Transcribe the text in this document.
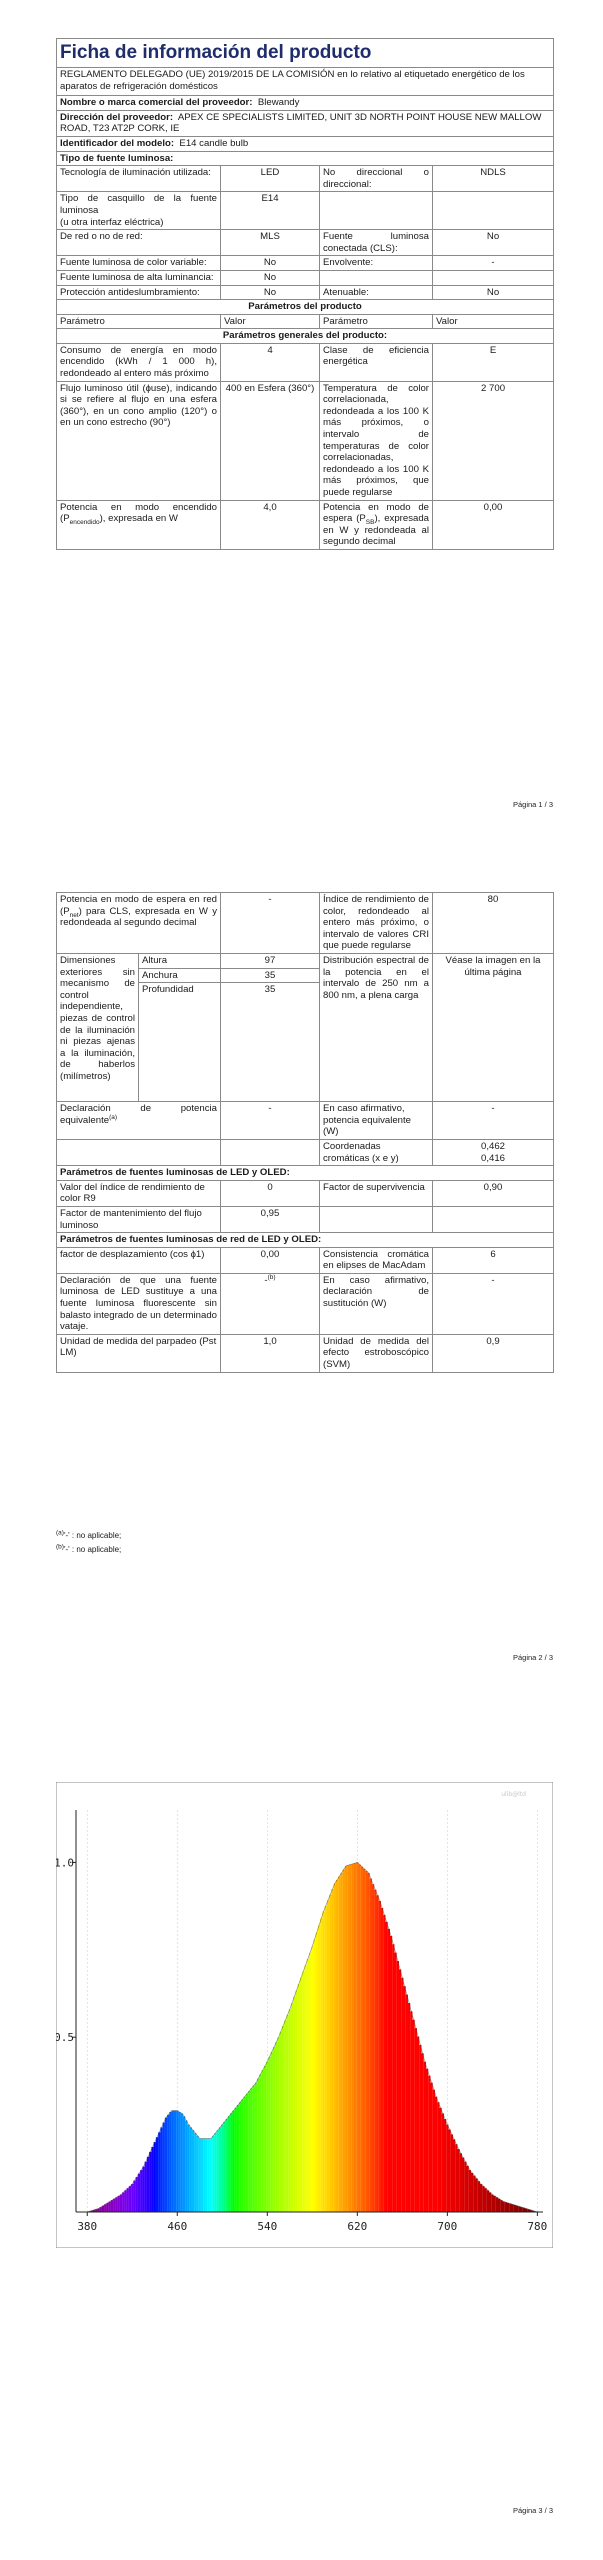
Ficha de información del producto			
REGLAMENTO DELEGADO (UE) 2019/2015 DE LA COMISIÓN en lo relativo al etiquetado energético de los aparatos de refrigeración domésticos			
Nombre o marca comercial del proveedor: Blewandy			
Dirección del proveedor: APEX CE SPECIALISTS LIMITED, UNIT 3D NORTH POINT HOUSE NEW MALLOW ROAD, T23 AT2P CORK, IE			
Identificador del modelo: E14 candle bulb			
Tipo de fuente luminosa:			
Tecnología de iluminación utilizada:	LED	No direccional o direccional:	NDLS
Tipo de casquillo de la fuente luminosa
(u otra interfaz eléctrica)	E14		
De red o no de red:	MLS	Fuente luminosa conectada (CLS):	No
Fuente luminosa de color variable:	No	Envolvente:	-
Fuente luminosa de alta luminancia:	No		
Protección antideslumbramiento:	No	Atenuable:	No
Parámetros del producto			
Parámetro	Valor	Parámetro	Valor
Parámetros generales del producto:			
Consumo de energía en modo encendido (kWh / 1 000 h), redondeado al entero más próximo	4	Clase de eficiencia energética	E
Flujo luminoso útil (ɸuse), indicando si se refiere al flujo en una esfera (360°), en un cono amplio (120°) o en un cono estrecho (90°)	400 en Esfera (360°)	Temperatura de color correlacionada, redondeada a los 100 K más próximos, o intervalo de temperaturas de color correlacionadas, redondeado a los 100 K más próximos, que puede regularse	2 700
Potencia en modo encendido $(P_{encendido})$, expresada en W	4,0	Potencia en modo de espera $(P_{SB})$, expresada en W y redondeada al segundo decimal	0,00
Página 1 / 3
Potencia en modo de espera en red $(P_{net})$ para CLS, expresada en W y redondeada al segundo decimal		-	Índice de rendimiento de color, redondeado al entero más próximo, o intervalo de valores CRI que puede regularse	80
Dimensiones exteriores sin mecanismo de control independiente, piezas de control de la iluminación ni piezas ajenas a la iluminación, de haberlos (milímetros)	Altura	97	Distribución espectral de la potencia en el intervalo de 250 nm a 800 nm, a plena carga	Véase la imagen en la última página
	Anchura	35		
	Profundidad	35		
Declaración de potencia equivalente$^{(a)}$		-	En caso afirmativo, potencia equivalente (W)	-
			Coordenadas cromáticas (x e y)	0,462
0,416
Parámetros de fuentes luminosas de LED y OLED:				
Valor del índice de rendimiento de color R9		0	Factor de supervivencia	0,90
Factor de mantenimiento del flujo luminoso		0,95		
Parámetros de fuentes luminosas de red de LED y OLED:				
factor de desplazamiento (cos ɸ1)		0,00	Consistencia cromática en elipses de MacAdam	6
Declaración de que una fuente luminosa de LED sustituye a una fuente luminosa fluorescente sin balasto integrado de un determinado vataje.		-$^{(b)}$	En caso afirmativo, declaración de sustitución (W)	-
Unidad de medida del parpadeo (Pst LM)		1,0	Unidad de medida del efecto estroboscópico (SVM)	0,9
$^{(a)}$'-' : no aplicable;
$^{(b)}$'-' : no aplicable;
Página 2 / 3
ulib@ltd
380	460	540	620	700	780
0.5
1.0
Página 3 / 3
